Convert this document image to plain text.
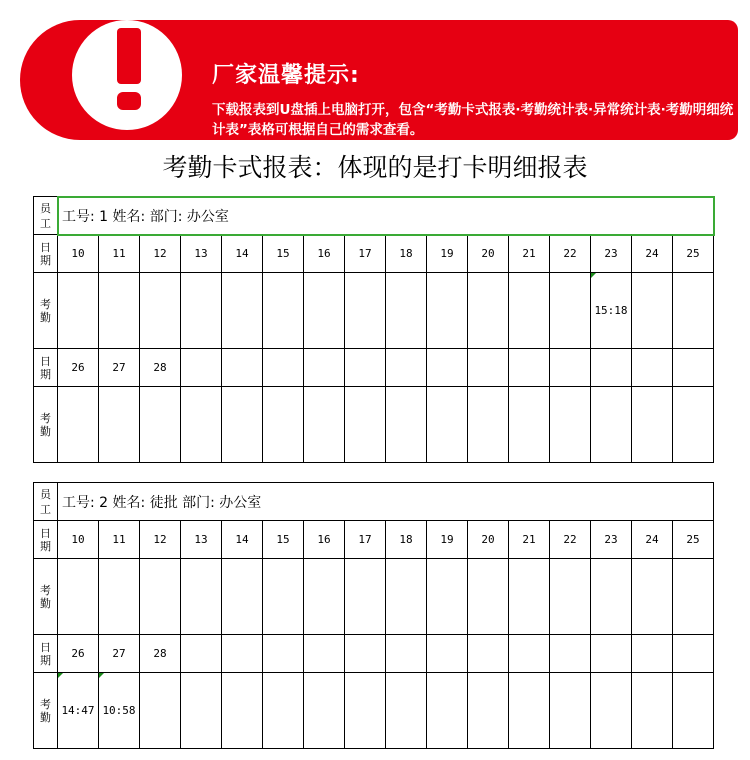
厂家温馨提示:
下载报表到U盘插上电脑打开，包含“考勤卡式报表·考勤统计表·异常统计表·考勤明细统计表”表格可根据自己的需求查看。
考勤卡式报表：体现的是打卡明细报表
员
工	工号: 1 姓名: 部门: 办公室															
日
期	10	11	12	13	14	15	16	17	18	19	20	21	22	23	24	25
考
勤														15:18		
日
期	26	27	28													
考
勤																

员
工	工号: 2 姓名: 徒批 部门: 办公室															
日
期	10	11	12	13	14	15	16	17	18	19	20	21	22	23	24	25
考
勤																
日
期	26	27	28													
考
勤	14:47	10:58														
